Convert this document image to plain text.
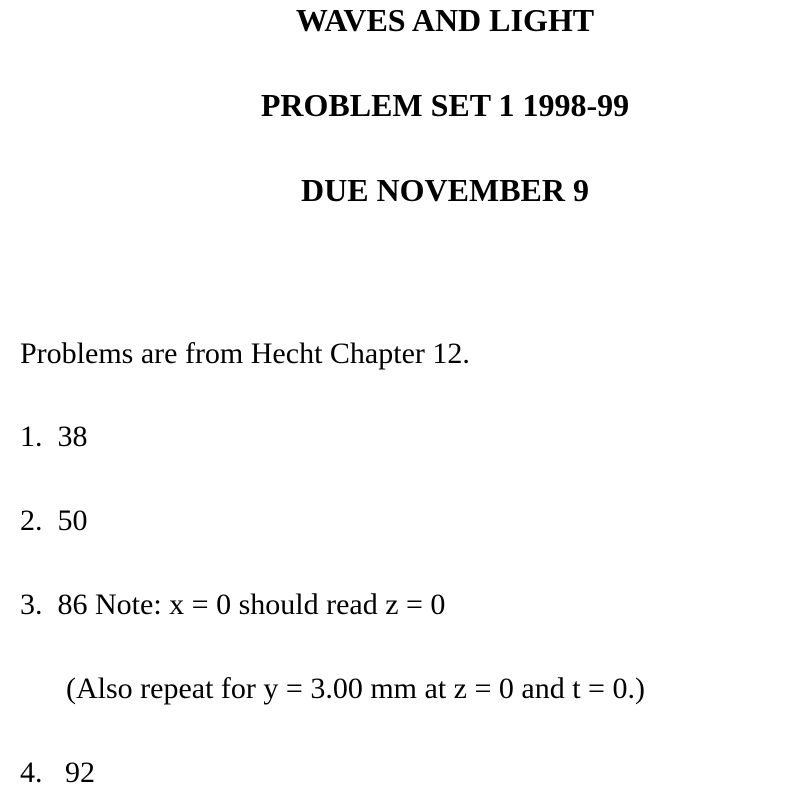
WAVES AND LIGHT
PROBLEM SET 1 1998-99
DUE NOVEMBER 9
Problems are from Hecht Chapter 12.
1. 38
2. 50
3. 86 Note: x = 0 should read z = 0
(Also repeat for y = 3.00 mm at z = 0 and t = 0.)
4. 92
